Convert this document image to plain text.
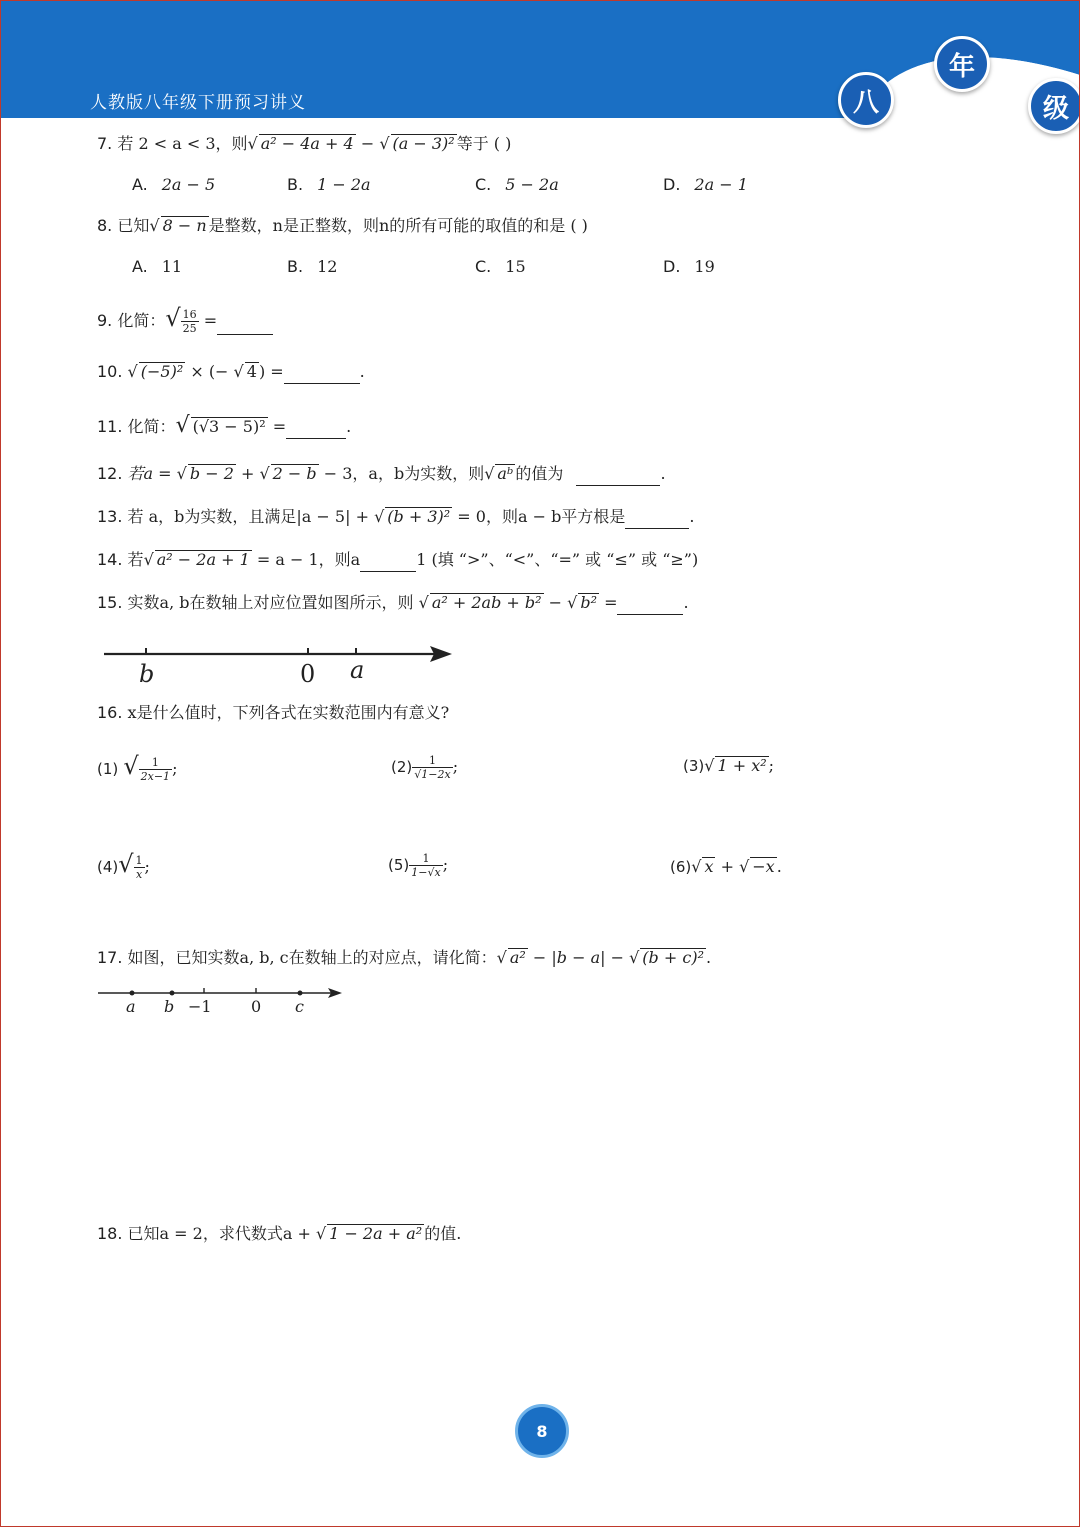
人教版八年级下册预习讲义	八
年
级
7. 若 2 < a < 3，则√ a² − 4a + 4 − √ (a − 3)² 等于 ( )
A. 2a − 5	B. 1 − 2a	C. 5 − 2a	D. 2a − 1
8. 已知√ 8 − n 是整数，n是正整数，则n的所有可能的取值的和是 ( )
A. 11	B. 12	C. 15	D. 19
9. 化简：√ $\frac{16}{25}$ =
10. √ (−5)² × (− √ 4 ) =	.
11. 化简：√ (√3 − 5)² =	.
12. 若a = √ b − 2 + √ 2 − b − 3，a，b为实数，则√ aᵇ 的值为	.
13. 若 a，b为实数，且满足|a − 5| + √ (b + 3)² = 0，则a − b平方根是	.
14. 若√ a² − 2a + 1 = a − 1，则a	1 (填 “>”、“<”、“=” 或 “≤” 或 “≥”)
15. 实数a, b在数轴上对应位置如图所示，则 √ a² + 2ab + b² − √ b² =	.
b	0 a
16. x是什么值时，下列各式在实数范围内有意义?
(1) √ $\frac{1}{2x-1}$ ;	$(2) \frac{1}{√1-2x}$ ;	(3)√ 1 + x² ;
$(4)√ \frac{1}{x}$ ;	$(5) \frac{1}{1-√x}$ ;	(6)√ x + √ −x .
17. 如图，已知实数a, b, c在数轴上的对应点，请化简：√ a² − |b − a| − √ (b + c)² .
a b −1 0 c
18. 已知a = 2，求代数式a + √ 1 − 2a + a² 的值.
8
